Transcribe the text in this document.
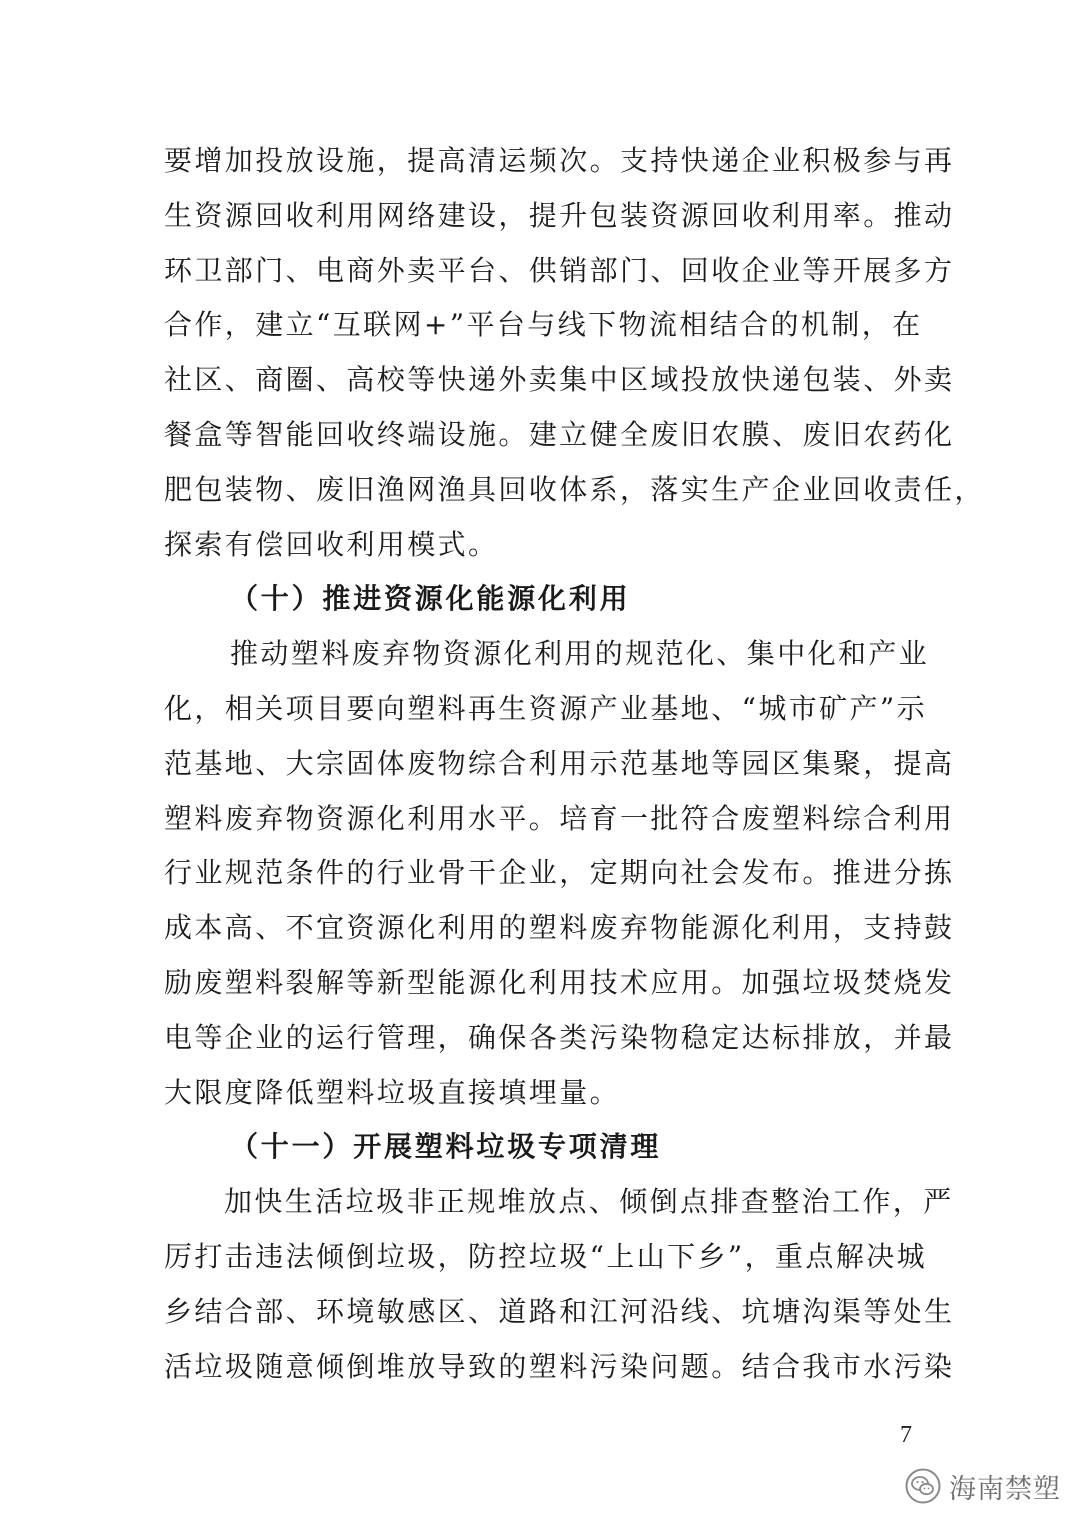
要增加投放设施，提高清运频次。支持快递企业积极参与再
生资源回收利用网络建设，提升包装资源回收利用率。推动
环卫部门、电商外卖平台、供销部门、回收企业等开展多方
合作，建立“互联网+”平台与线下物流相结合的机制，在
社区、商圈、高校等快递外卖集中区域投放快递包装、外卖
餐盒等智能回收终端设施。建立健全废旧农膜、废旧农药化
肥包装物、废旧渔网渔具回收体系，落实生产企业回收责任，
探索有偿回收利用模式。
（十）推进资源化能源化利用
推动塑料废弃物资源化利用的规范化、集中化和产业
化，相关项目要向塑料再生资源产业基地、“城市矿产”示
范基地、大宗固体废物综合利用示范基地等园区集聚，提高
塑料废弃物资源化利用水平。培育一批符合废塑料综合利用
行业规范条件的行业骨干企业，定期向社会发布。推进分拣
成本高、不宜资源化利用的塑料废弃物能源化利用，支持鼓
励废塑料裂解等新型能源化利用技术应用。加强垃圾焚烧发
电等企业的运行管理，确保各类污染物稳定达标排放，并最
大限度降低塑料垃圾直接填埋量。
（十一）开展塑料垃圾专项清理
加快生活垃圾非正规堆放点、倾倒点排查整治工作，严
厉打击违法倾倒垃圾，防控垃圾“上山下乡”，重点解决城
乡结合部、环境敏感区、道路和江河沿线、坑塘沟渠等处生
活垃圾随意倾倒堆放导致的塑料污染问题。结合我市水污染
7
海南禁塑
